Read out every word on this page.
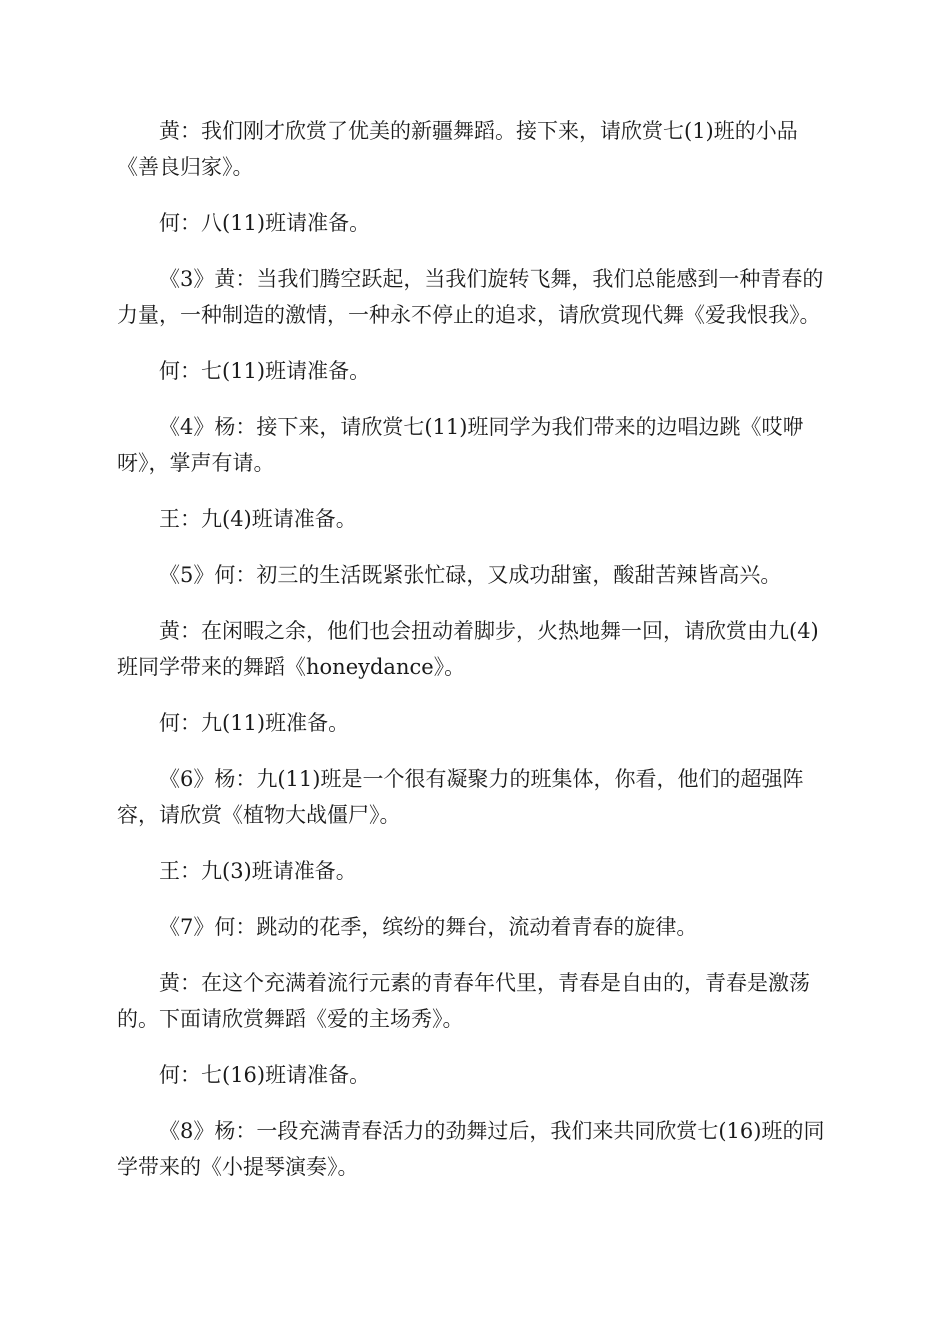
黄：我们刚才欣赏了优美的新疆舞蹈。接下来，请欣赏七(1)班的小品《善良归家》。

何：八(11)班请准备。

《3》黄：当我们腾空跃起，当我们旋转飞舞，我们总能感到一种青春的力量，一种制造的激情，一种永不停止的追求，请欣赏现代舞《爱我恨我》。

何：七(11)班请准备。

《4》杨：接下来，请欣赏七(11)班同学为我们带来的边唱边跳《哎咿呀》，掌声有请。

王：九(4)班请准备。

《5》何：初三的生活既紧张忙碌，又成功甜蜜，酸甜苦辣皆高兴。

黄：在闲暇之余，他们也会扭动着脚步，火热地舞一回，请欣赏由九(4)班同学带来的舞蹈《honeydance》。

何：九(11)班准备。

《6》杨：九(11)班是一个很有凝聚力的班集体，你看，他们的超强阵容，请欣赏《植物大战僵尸》。

王：九(3)班请准备。

《7》何：跳动的花季，缤纷的舞台，流动着青春的旋律。

黄：在这个充满着流行元素的青春年代里，青春是自由的，青春是激荡的。下面请欣赏舞蹈《爱的主场秀》。

何：七(16)班请准备。

《8》杨：一段充满青春活力的劲舞过后，我们来共同欣赏七(16)班的同学带来的《小提琴演奏》。
